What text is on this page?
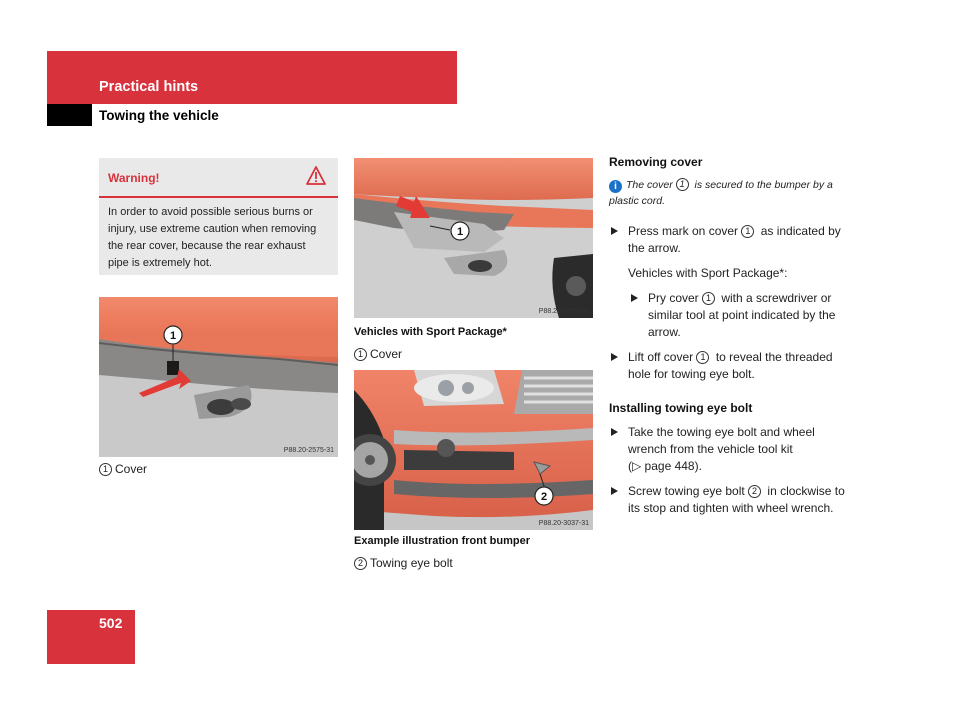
Practical hints
Towing the vehicle
Warning!
In order to avoid possible serious burns or injury, use extreme caution when removing the rear cover, because the rear exhaust pipe is extremely hot.
1
P88.20-2575-31
1 Cover
1
P88.20-2859-31
Vehicles with Sport Package*
1 Cover
2
P88.20-3037-31
Example illustration front bumper
2 Towing eye bolt

Removing cover

i The cover 1 is secured to the bumper by a plastic cord.
Press mark on cover 1 as indicated by the arrow.
Vehicles with Sport Package*:
Pry cover 1 with a screwdriver or similar tool at point indicated by the arrow.
Lift off cover 1 to reveal the threaded hole for towing eye bolt.

Installing towing eye bolt

Take the towing eye bolt and wheel wrench from the vehicle tool kit
(▷ page 448).
Screw towing eye bolt 2 in clockwise to its stop and tighten with wheel wrench.
502
